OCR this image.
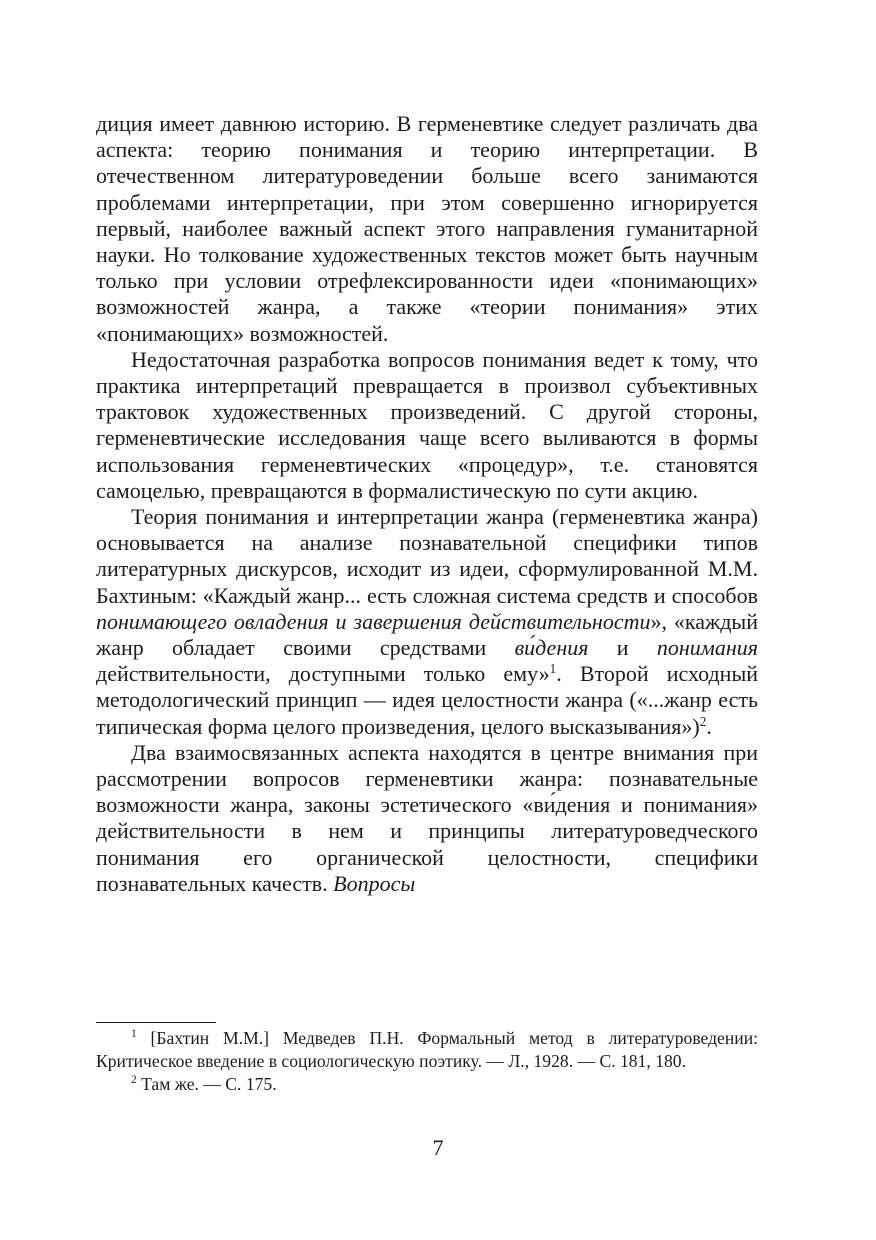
диция имеет давнюю историю. В герменевтике следует различать два аспекта: теорию понимания и теорию интерпретации. В отечественном литературоведении больше всего занимаются проблемами интерпретации, при этом совершенно игнорируется первый, наиболее важный аспект этого направления гуманитарной науки. Но толкование художественных текстов может быть научным только при условии отрефлексированности идеи «понимающих» возможностей жанра, а также «теории понимания» этих «понимающих» возможностей.

Недостаточная разработка вопросов понимания ведет к тому, что практика интерпретаций превращается в произвол субъективных трактовок художественных произведений. С другой стороны, герменевтические исследования чаще всего выливаются в формы использования герменевтических «процедур», т.е. становятся самоцелью, превращаются в формалистическую по сути акцию.

Теория понимания и интерпретации жанра (герменевтика жанра) основывается на анализе познавательной специфики типов литературных дискурсов, исходит из идеи, сформулированной М.М. Бахтиным: «Каждый жанр... есть сложная система средств и способов понимающего овладения и завершения действительности», «каждый жанр обладает своими средствами ви́дения и понимания действительности, доступными только ему»$^1$. Второй исходный методологический принцип — идея целостности жанра («...жанр есть типическая форма целого произведения, целого высказывания»)$^2$.

Два взаимосвязанных аспекта находятся в центре внимания при рассмотрении вопросов герменевтики жанра: познавательные возможности жанра, законы эстетического «ви́дения и понимания» действительности в нем и принципы литературоведческого понимания его органической целостности, специфики познавательных качеств. Вопросы

$^1$ [Бахтин М.М.] Медведев П.Н. Формальный метод в литературоведении: Критическое введение в социологическую поэтику. — Л., 1928. — С. 181, 180.

$^2$ Там же. — С. 175.

7
